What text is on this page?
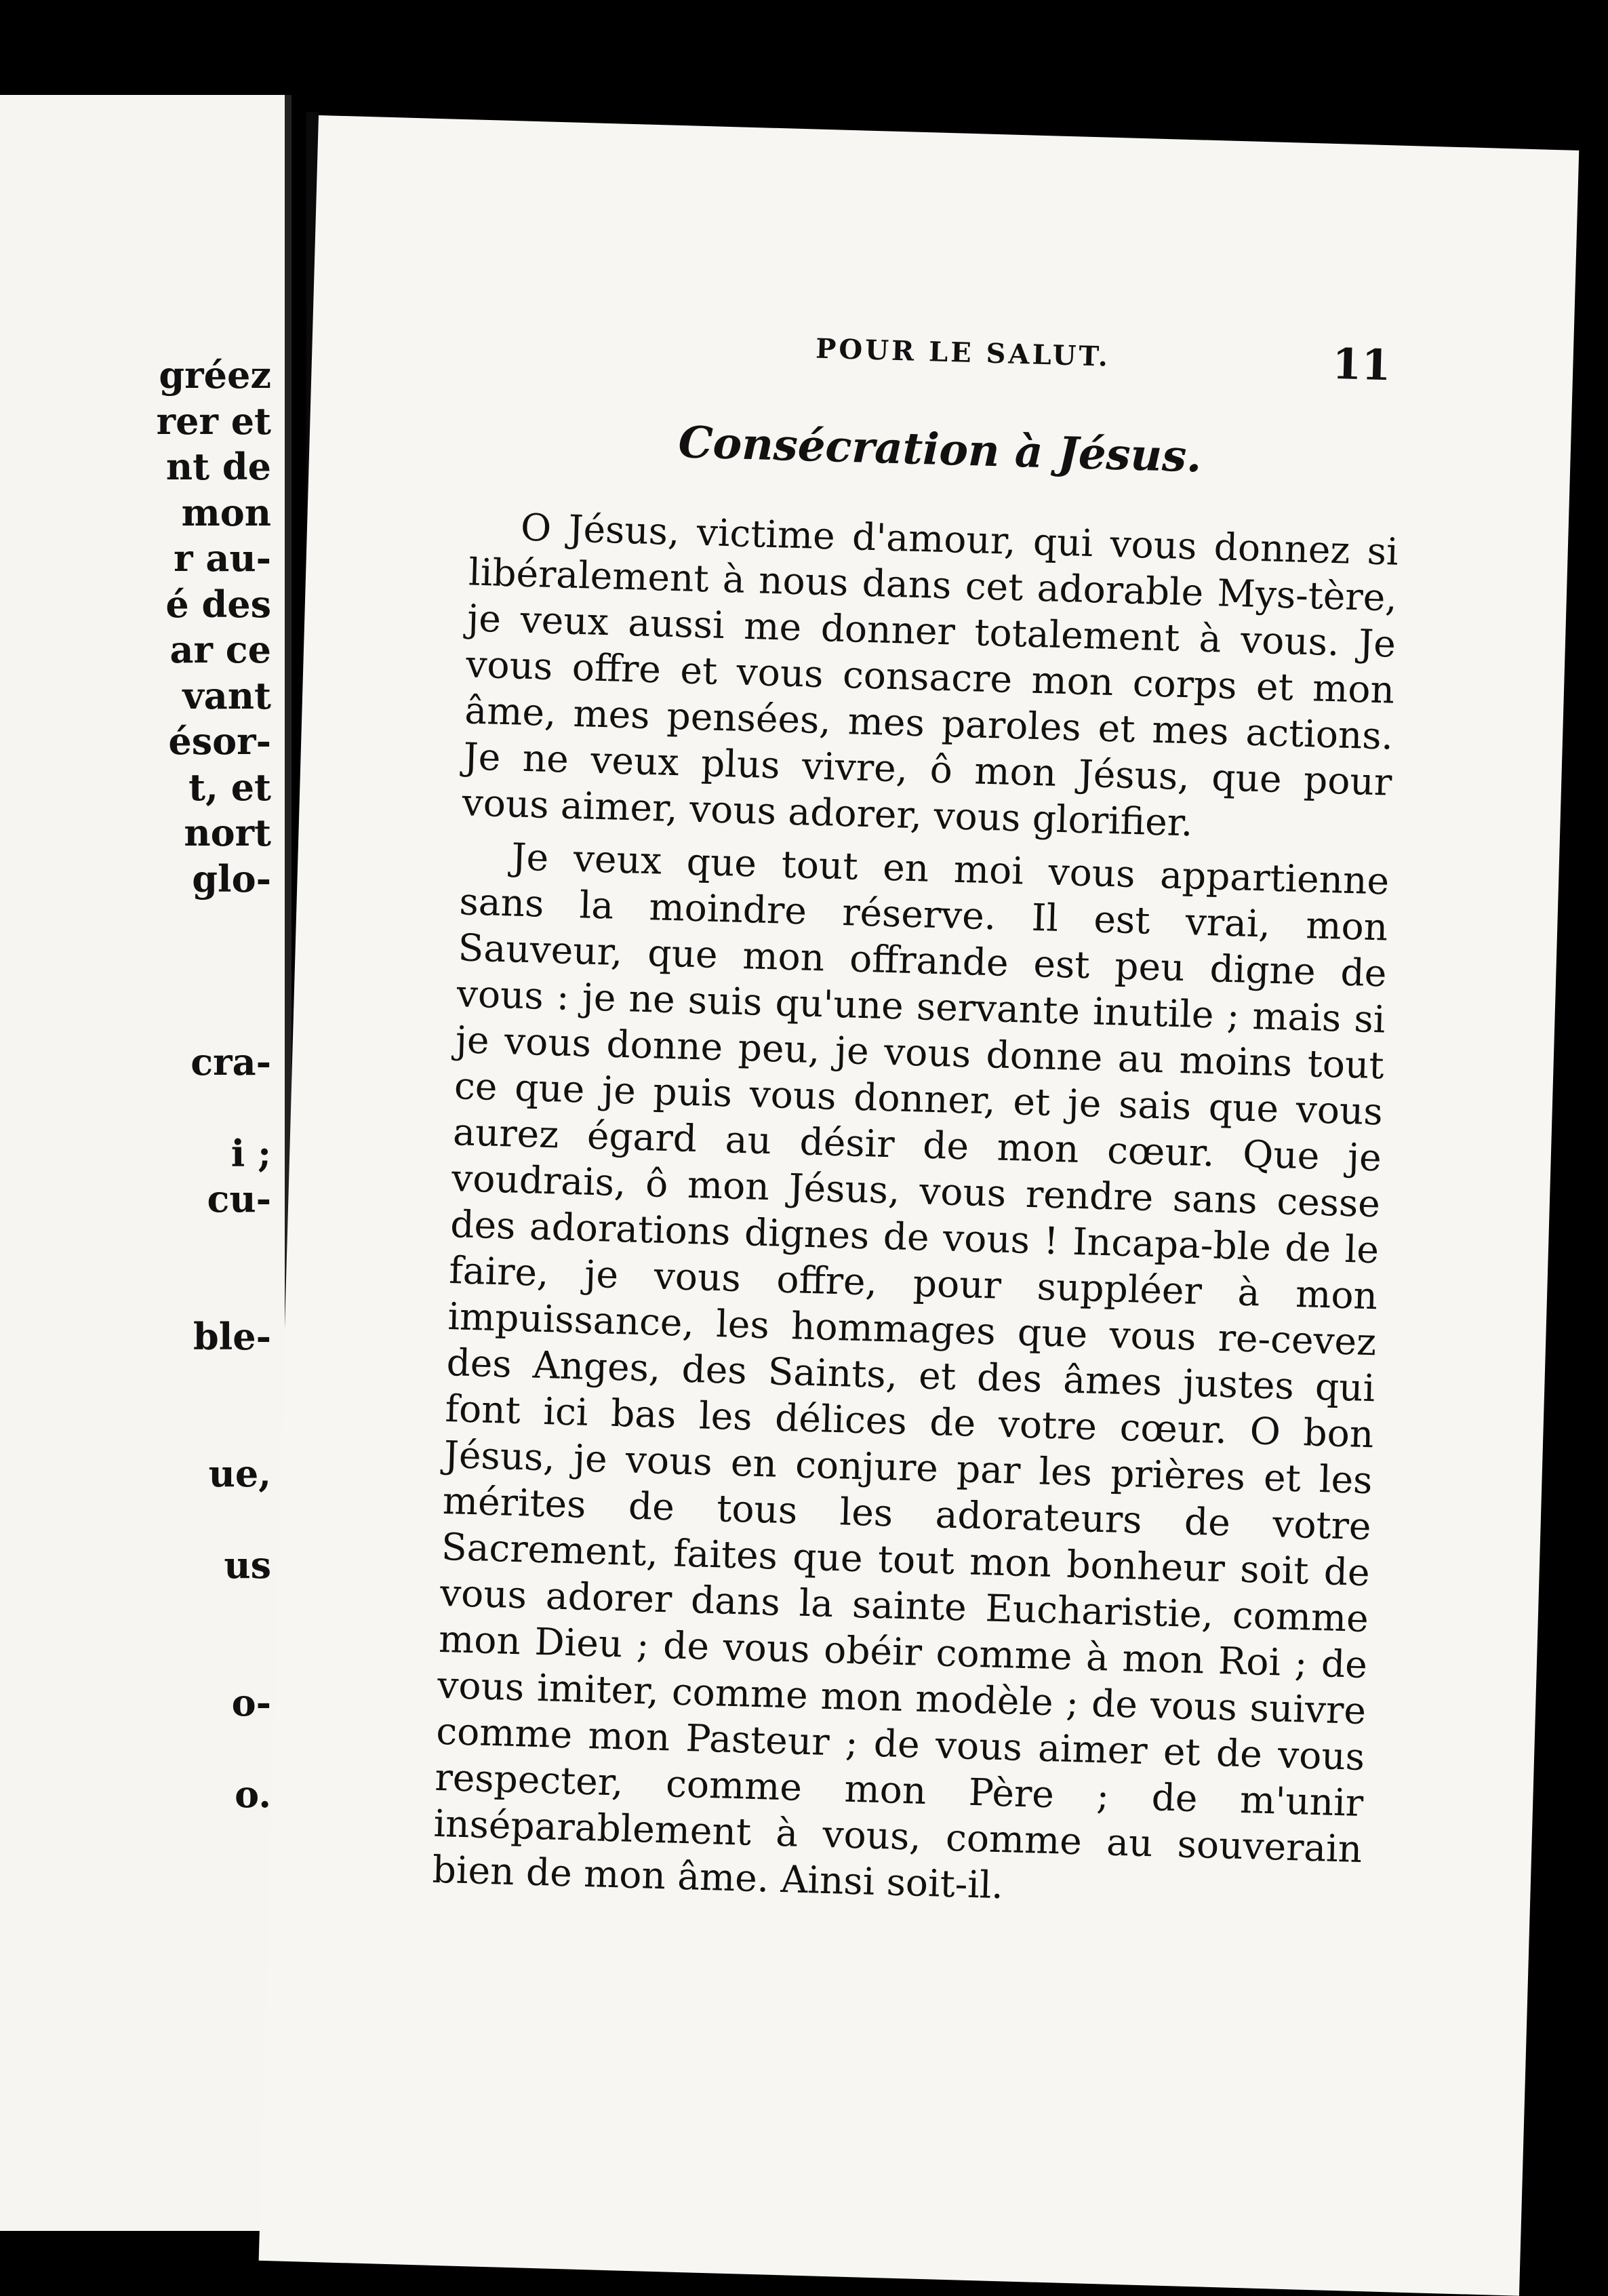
gréez
rer et
nt de
mon
r au-
é des
ar ce
vant
ésor-
t, et
nort
glo-
cra-
i ;
cu-
ble-
ue,
us
o-
o.
POUR LE SALUT.	11
Consécration à Jésus.

O Jésus, victime d'amour, qui vous donnez si libéralement à nous dans cet adorable Mys-tère, je veux aussi me donner totalement à vous. Je vous offre et vous consacre mon corps et mon âme, mes pensées, mes paroles et mes actions. Je ne veux plus vivre, ô mon Jésus, que pour vous aimer, vous adorer, vous glorifier.

Je veux que tout en moi vous appartienne sans la moindre réserve. Il est vrai, mon Sauveur, que mon offrande est peu digne de vous : je ne suis qu'une servante inutile ; mais si je vous donne peu, je vous donne au moins tout ce que je puis vous donner, et je sais que vous aurez égard au désir de mon cœur. Que je voudrais, ô mon Jésus, vous rendre sans cesse des adorations dignes de vous ! Incapa-ble de le faire, je vous offre, pour suppléer à mon impuissance, les hommages que vous re-cevez des Anges, des Saints, et des âmes justes qui font ici bas les délices de votre cœur. O bon Jésus, je vous en conjure par les prières et les mérites de tous les adorateurs de votre Sacrement, faites que tout mon bonheur soit de vous adorer dans la sainte Eucharistie, comme mon Dieu ; de vous obéir comme à mon Roi ; de vous imiter, comme mon modèle ; de vous suivre comme mon Pasteur ; de vous aimer et de vous respecter, comme mon Père ; de m'unir inséparablement à vous, comme au souverain bien de mon âme. Ainsi soit-il.
